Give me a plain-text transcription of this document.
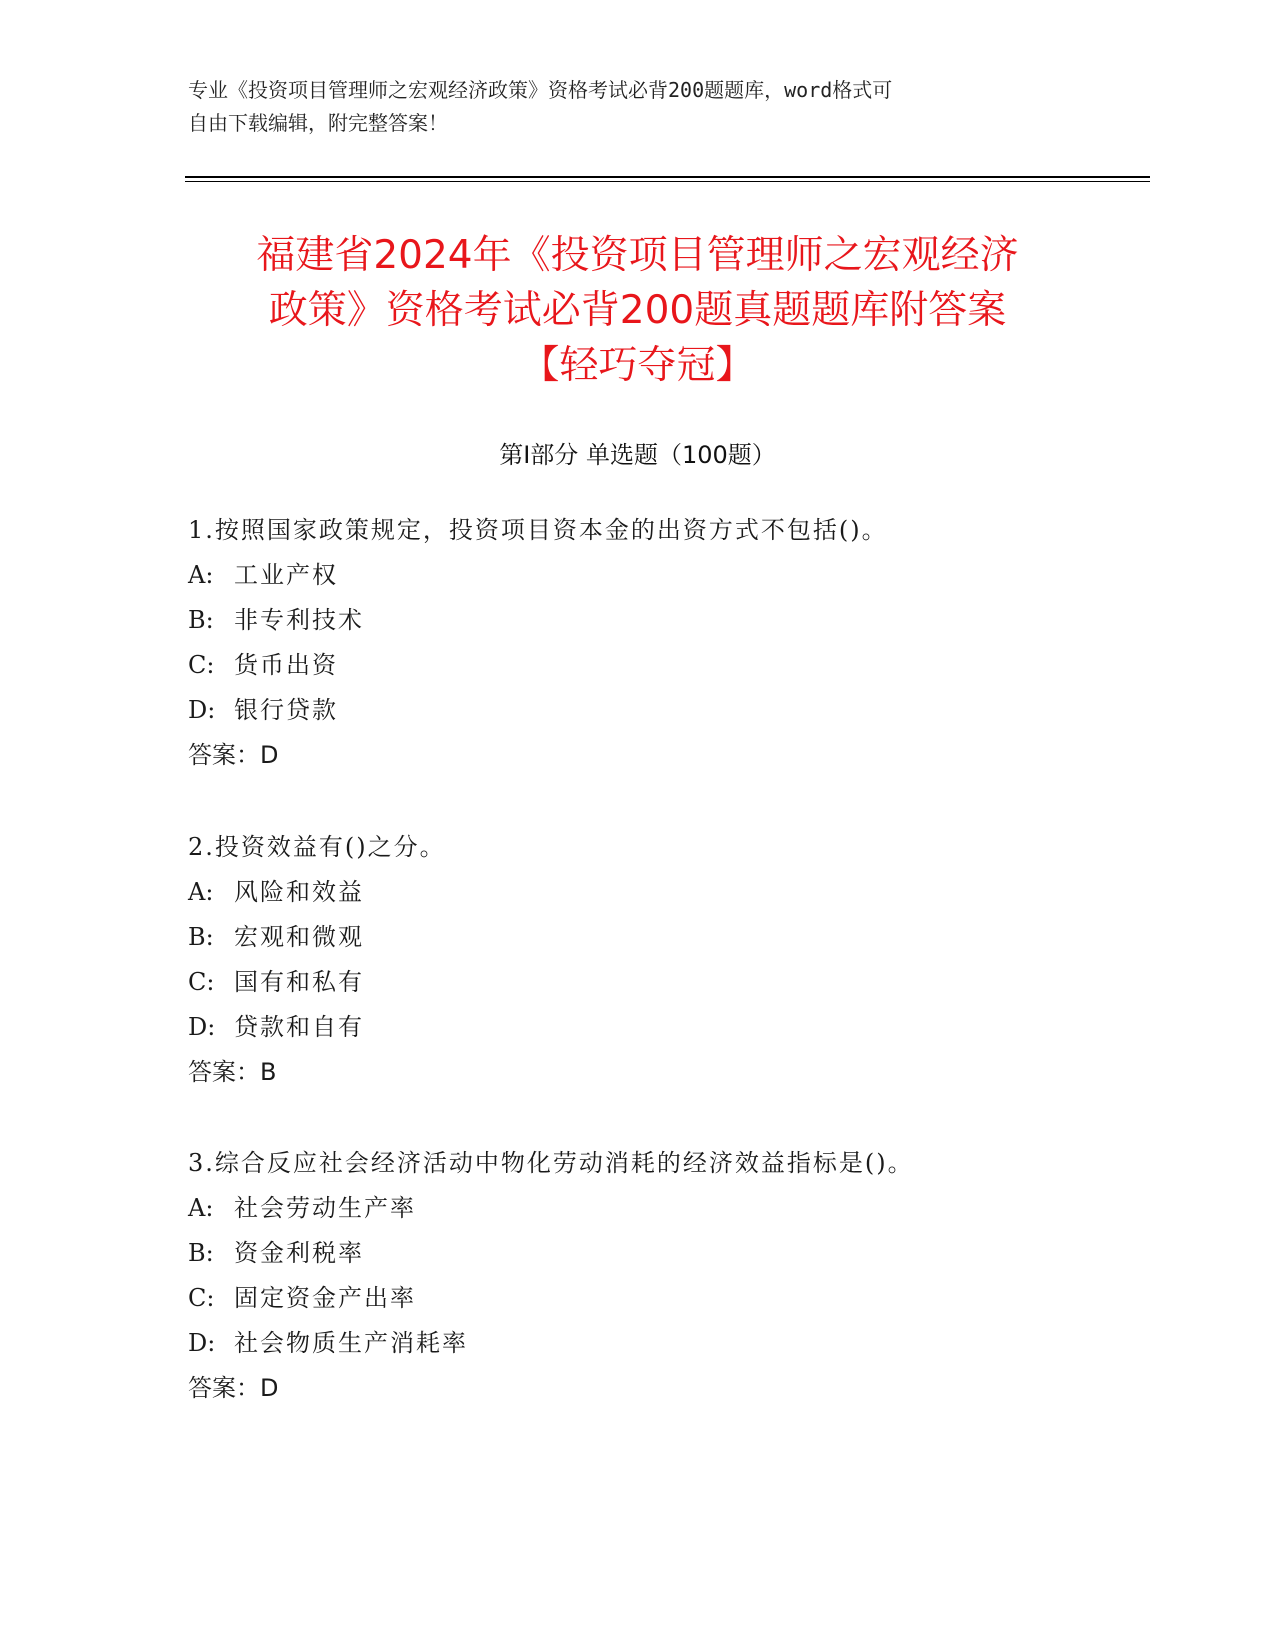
专业《投资项目管理师之宏观经济政策》资格考试必背200题题库，word格式可
自由下载编辑，附完整答案！
福建省2024年《投资项目管理师之宏观经济
政策》资格考试必背200题真题题库附答案
【轻巧夺冠】
第Ⅰ部分 单选题（100题）
1.按照国家政策规定，投资项目资本金的出资方式不包括()。
A: 工业产权
B: 非专利技术
C: 货币出资
D: 银行贷款
答案：D
2.投资效益有()之分。
A: 风险和效益
B: 宏观和微观
C: 国有和私有
D: 贷款和自有
答案：B
3.综合反应社会经济活动中物化劳动消耗的经济效益指标是()。
A: 社会劳动生产率
B: 资金利税率
C: 固定资金产出率
D: 社会物质生产消耗率
答案：D
